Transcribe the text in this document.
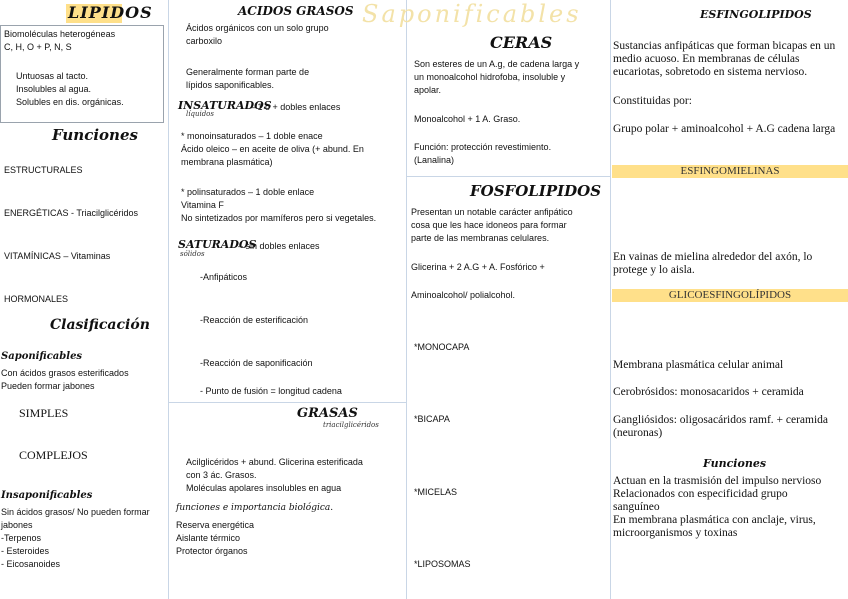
Saponificables
LIPIDOS
Biomoléculas heterogéneas
C, H, O + P, N, S
Untuosas al tacto.
Insolubles al agua.
Solubles en dis. orgánicas.
Funciones
ESTRUCTURALES
ENERGÉTICAS - Triacilglicéridos
VITAMÍNICAS – Vitaminas
HORMONALES
Clasificación
Saponificables
Con ácidos grasos esterificados
Pueden formar jabones
SIMPLES
COMPLEJOS
Insaponificables
Sin ácidos grasos/ No pueden formar
jabones
-Terpenos
- Esteroides
- Eicosanoides
ACIDOS GRASOS
Ácidos orgánicos con un solo grupo
carboxilo
Generalmente forman parte de
lípidos saponificables.
INSATURADOS
líquidos
– 1 o + dobles enlaces
* monoinsaturados – 1 doble enace
Ácido oleico – en aceite de oliva (+ abund. En
membrana plasmática)
* polinsaturados – 1 doble enlace
Vitamina F
No sintetizados por mamíferos pero si vegetales.
SATURADOS
sólidos
– sin dobles enlaces
-Anfipáticos
-Reacción de esterificación
-Reacción de saponificación
- Punto de fusión = longitud cadena
GRASAS
triacilglicéridos
Acilglicéridos + abund. Glicerina esterificada
con 3 ác. Grasos.
Moléculas apolares insolubles en agua
funciones e importancia biológica.
Reserva energética
Aislante térmico
Protector órganos
CERAS
Son esteres de un A.g, de cadena larga y
un monoalcohol hidrofoba, insoluble y
apolar.
Monoalcohol + 1 A. Graso.
Función: protección revestimiento.
(Lanalina)
FOSFOLIPIDOS
Presentan un notable carácter anfipático
cosa que les hace idoneos para formar
parte de las membranas celulares.
Glicerina + 2 A.G + A. Fosfórico +
Aminoalcohol/ polialcohol.
*MONOCAPA
*BICAPA
*MICELAS
*LIPOSOMAS
ESFINGOLIPIDOS
Sustancias anfipáticas que forman bicapas en un
medio acuoso. En membranas de células
eucariotas, sobretodo en sistema nervioso.
Constituidas por:
Grupo polar + aminoalcohol + A.G cadena larga
ESFINGOMIELINAS
En vainas de mielina alrededor del axón, lo
protege y lo aisla.
GLICOESFINGOLÍPIDOS
Membrana plasmática celular animal
Cerobrósidos: monosacaridos + ceramida
Gangliósidos: oligosacáridos ramf. + ceramida
(neuronas)
Funciones
Actuan en la trasmisión del impulso nervioso
Relacionados con especificidad grupo
sanguíneo
En membrana plasmática con anclaje, virus,
microorganismos y toxinas
